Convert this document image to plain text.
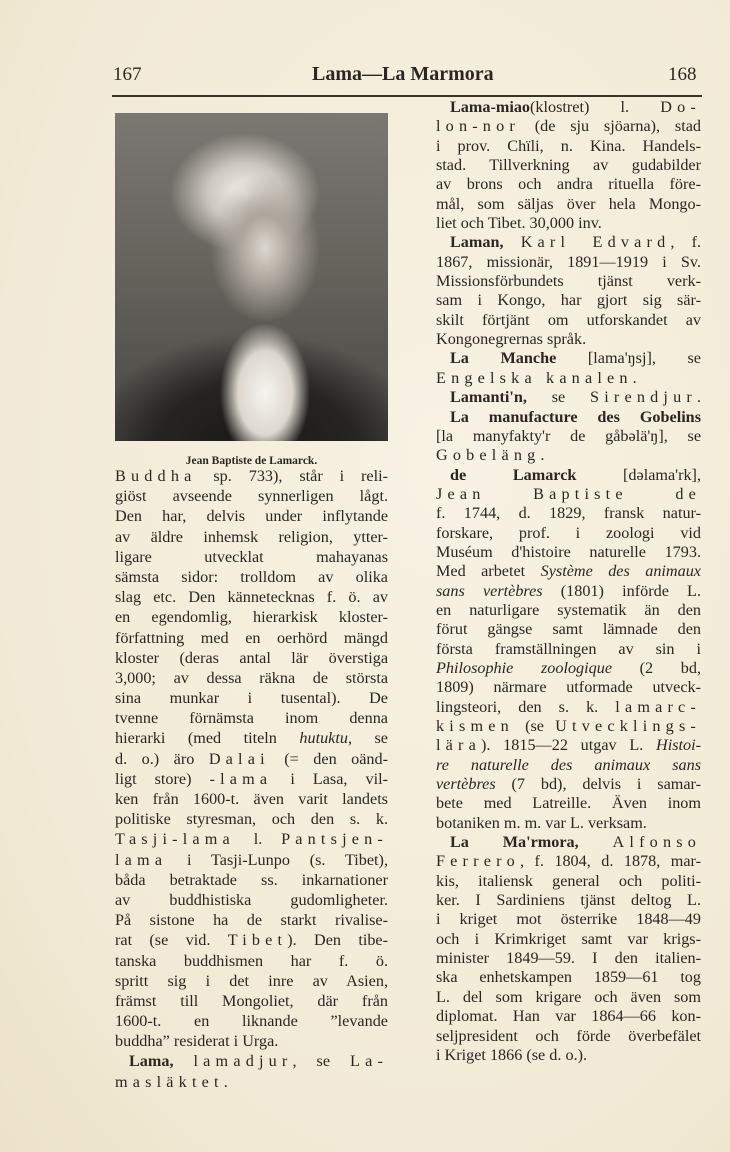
167	Lama—La Marmora	168
Jean Baptiste de Lamarck.
Buddha sp. 733), står i reli-
giöst avseende synnerligen lågt.
Den har, delvis under inflytande
av äldre inhemsk religion, ytter-
ligare utvecklat mahayanas
sämsta sidor: trolldom av olika
slag etc. Den kännetecknas f. ö. av
en egendomlig, hierarkisk kloster-
författning med en oerhörd mängd
kloster (deras antal lär överstiga
3,000; av dessa räkna de största
sina munkar i tusental). De
tvenne förnämsta inom denna
hierarki (med titeln hutuktu, se
d. o.) äro Dalai (= den oänd-
ligt store) -lama i Lasa, vil-
ken från 1600-t. även varit landets
politiske styresman, och den s. k.
Tasji-lama l. Pantsjen-
lama i Tasji-Lunpo (s. Tibet),
båda betraktade ss. inkarnationer
av buddhistiska gudomligheter.
På sistone ha de starkt rivalise-
rat (se vid. Tibet). Den tibe-
tanska buddhismen har f. ö.
spritt sig i det inre av Asien,
främst till Mongoliet, där från
1600-t. en liknande ”levande
buddha” residerat i Urga.
Lama, lamadjur, se La-
masläktet.
Lama-miao(klostret) l. Do-
lon-nor (de sju sjöarna), stad
i prov. Chïli, n. Kina. Handels-
stad. Tillverkning av gudabilder
av brons och andra rituella före-
mål, som säljas över hela Mongo-
liet och Tibet. 30,000 inv.
Laman, Karl Edvard, f.
1867, missionär, 1891—1919 i Sv.
Missionsförbundets tjänst verk-
sam i Kongo, har gjort sig sär-
skilt förtjänt om utforskandet av
Kongonegrernas språk.
La Manche [lama'ŋsj], se
Engelska kanalen.
Lamanti'n, se Sirendjur.
La manufacture des Gobelins
[la manyfakty'r de gåbəlä'ŋ], se
Gobeläng.
de Lamarck [dəlama'rk],
Jean Baptiste de
f. 1744, d. 1829, fransk natur-
forskare, prof. i zoologi vid
Muséum d'histoire naturelle 1793.
Med arbetet Système des animaux
sans vertèbres (1801) införde L.
en naturligare systematik än den
förut gängse samt lämnade den
första framställningen av sin i
Philosophie zoologique (2 bd,
1809) närmare utformade utveck-
lingsteori, den s. k. lamarc-
kismen (se Utvecklings-
lära). 1815—22 utgav L. Histoi-
re naturelle des animaux sans
vertèbres (7 bd), delvis i samar-
bete med Latreille. Även inom
botaniken m. m. var L. verksam.
La Ma'rmora, Alfonso
Ferrero, f. 1804, d. 1878, mar-
kis, italiensk general och politi-
ker. I Sardiniens tjänst deltog L.
i kriget mot österrike 1848—49
och i Krimkriget samt var krigs-
minister 1849—59. I den italien-
ska enhetskampen 1859—61 tog
L. del som krigare och även som
diplomat. Han var 1864—66 kon-
seljpresident och förde överbefälet
i Kriget 1866 (se d. o.).
